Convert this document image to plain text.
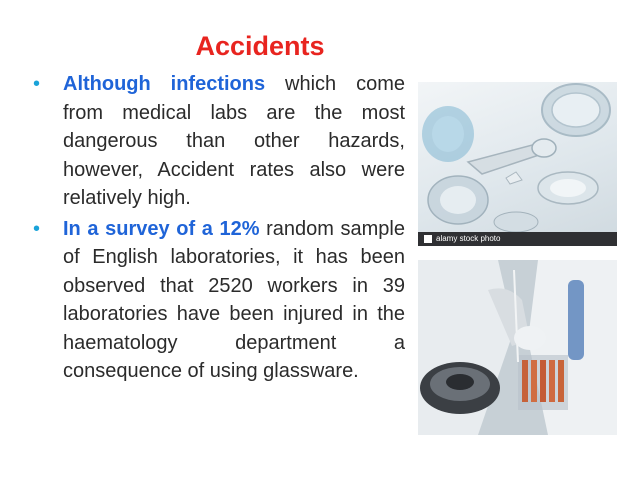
Accidents
• Although infections which come from medical labs are the most dangerous than other hazards, however, Accident rates also were relatively high.
• In a survey of a 12% random sample of English laboratories, it has been observed that 2520 workers in 39 laboratories have been injured in the haematology department a consequence of using glassware.
alamy stock photo
